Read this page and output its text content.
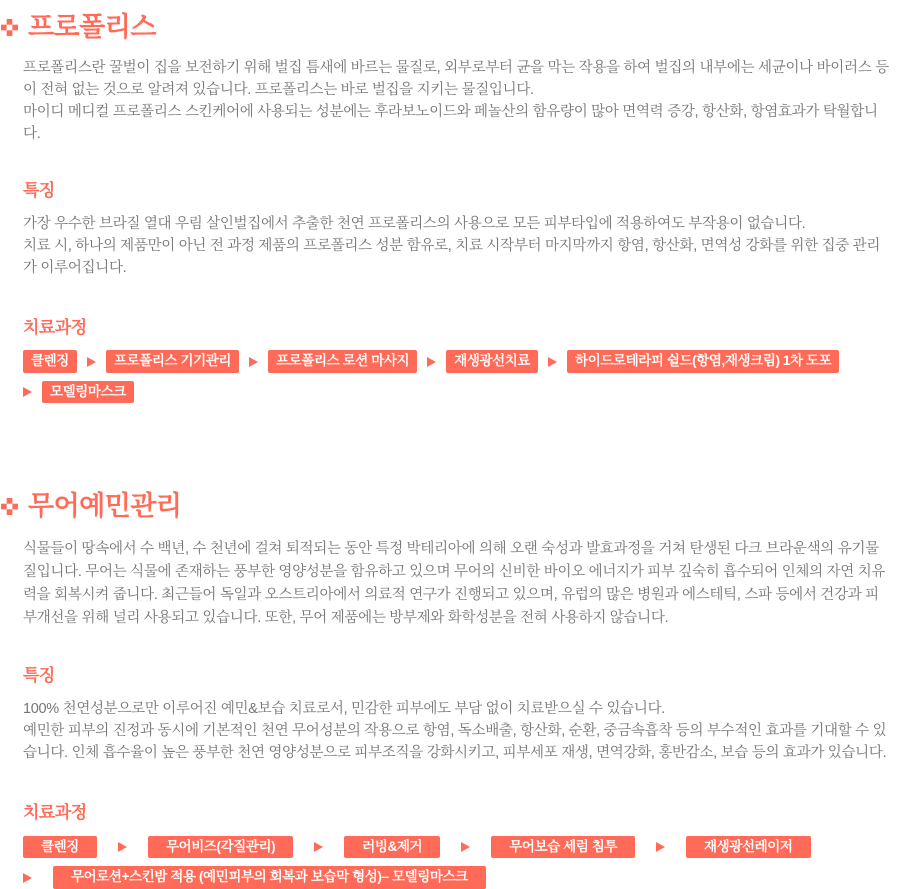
프로폴리스

프로폴리스란 꿀벌이 집을 보전하기 위해 벌집 틈새에 바르는 물질로, 외부로부터 균을 막는 작용을 하여 벌집의 내부에는 세균이나 바이러스 등이 전혀 없는 것으로 알려져 있습니다. 프로폴리스는 바로 벌집을 지키는 물질입니다.

마이디 메디컬 프로폴리스 스킨케어에 사용되는 성분에는 후라보노이드와 페놀산의 함유량이 많아 면역력 증강, 항산화, 항염효과가 탁월합니다.

특징

가장 우수한 브라질 열대 우림 살인벌집에서 추출한 천연 프로폴리스의 사용으로 모든 피부타입에 적용하여도 부작용이 없습니다.

치료 시, 하나의 제품만이 아닌 전 과정 제품의 프로폴리스 성분 함유로, 치료 시작부터 마지막까지 항염, 항산화, 면역성 강화를 위한 집중 관리가 이루어집니다.

치료과정
클렌징	프로폴리스 기기관리	프로폴리스 로션 마사지	재생광선치료	하이드로테라피 쉴드(항염,재생크림) 1차 도포
모델링마스크
무어예민관리

식물들이 땅속에서 수 백년, 수 천년에 걸쳐 퇴적되는 동안 특정 박테리아에 의해 오랜 숙성과 발효과정을 거쳐 탄생된 다크 브라운색의 유기물질입니다. 무어는 식물에 존재하는 풍부한 영양성분을 함유하고 있으며 무어의 신비한 바이오 에너지가 피부 깊숙히 흡수되어 인체의 자연 치유력을 회복시켜 줍니다. 최근들어 독일과 오스트리아에서 의료적 연구가 진행되고 있으며, 유럽의 많은 병원과 에스테틱, 스파 등에서 건강과 피부개선을 위해 널리 사용되고 있습니다. 또한, 무어 제품에는 방부제와 화학성분을 전혀 사용하지 않습니다.

특징

100% 천연성분으로만 이루어진 예민&보습 치료로서, 민감한 피부에도 부담 없이 치료받으실 수 있습니다.

예민한 피부의 진정과 동시에 기본적인 천연 무어성분의 작용으로 항염, 독소배출, 항산화, 순환, 중금속흡착 등의 부수적인 효과를 기대할 수 있습니다. 인체 흡수율이 높은 풍부한 천연 영양성분으로 피부조직을 강화시키고, 피부세포 재생, 면역강화, 홍반감소, 보습 등의 효과가 있습니다.

치료과정
클렌징	무어비즈(각질관리)	러빙&제거	무어보습 세럼 침투	재생광선레이저
무어로션+스킨밤 적용 (예민피부의 회복과 보습막 형성)– 모델링마스크
